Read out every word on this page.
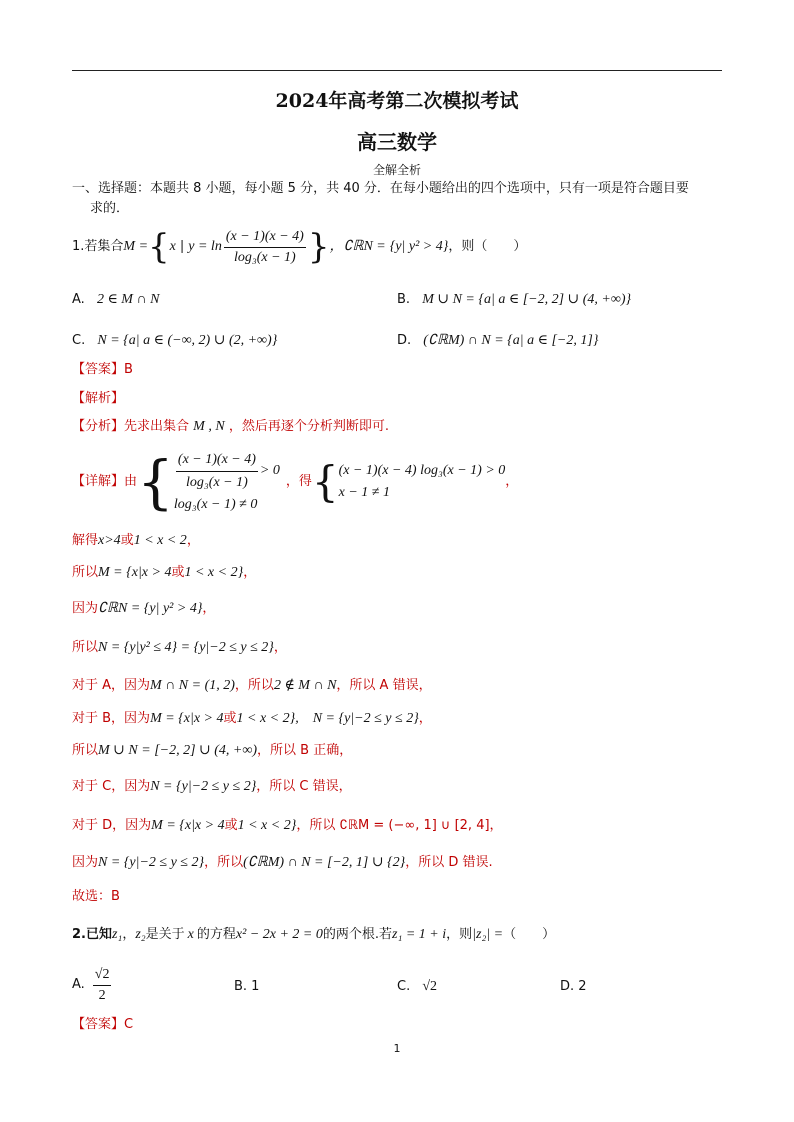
2024年高考第二次模拟考试
高三数学
全解全析
一、选择题：本题共 8 小题，每小题 5 分，共 40 分．在每小题给出的四个选项中，只有一项是符合题目要
求的．
1.若集合 M = { x | $y = \ln \frac{(x - 1)(x - 4)}{\text{log₃(x − 1)}}$ } ，∁ℝN = {y| y² > 4} ，则（　　）
A. 2 ∈ M ∩ N	B. M ∪ N = {a| a ∈ [−2, 2] ∪ (4, +∞)}
C. N = {a| a ∈ (−∞, 2) ∪ (2, +∞)}	D. (∁ℝM) ∩ N = {a| a ∈ [−2, 1]}
【答案】B
【解析】
【分析】先求出集合 M , N ，然后再逐个分析判断即可.
【详解】由 { $\frac{(x - 1)(x - 4)}{\text{log₃(x − 1)}} > 0$
log₃(x − 1) ≠ 0
，得 { (x − 1)(x − 4) log₃(x − 1) > 0
x − 1 ≠ 1
，
解得x>4或1 < x < 2，
所以M = {x|x > 4或1 < x < 2}，
因为∁ℝN = {y| y² > 4}，
所以N = {y|y² ≤ 4} = {y|−2 ≤ y ≤ 2}，
对于 A，因为M ∩ N = (1, 2)，所以2 ∉ M ∩ N，所以 A 错误，
对于 B，因为M = {x|x > 4或1 < x < 2},　N = {y|−2 ≤ y ≤ 2}，
所以M ∪ N = [−2, 2] ∪ (4, +∞)，所以 B 正确，
对于 C，因为N = {y|−2 ≤ y ≤ 2}，所以 C 错误，
对于 D，因为M = {x|x > 4或1 < x < 2}，所以 ∁ℝM = (−∞, 1] ∪ [2, 4]，
因为N = {y|−2 ≤ y ≤ 2}，所以(∁ℝM) ∩ N = [−2, 1] ∪ {2}，所以 D 错误.
故选：B
2.已知z₁，z₂是关于 x 的方程x² − 2x + 2 = 0的两个根.若z₁ = 1 + i，则|z₂| =（　　）
A. $\frac{√2}{2}$	B. 1	C. √2	D. 2
【答案】C
1
